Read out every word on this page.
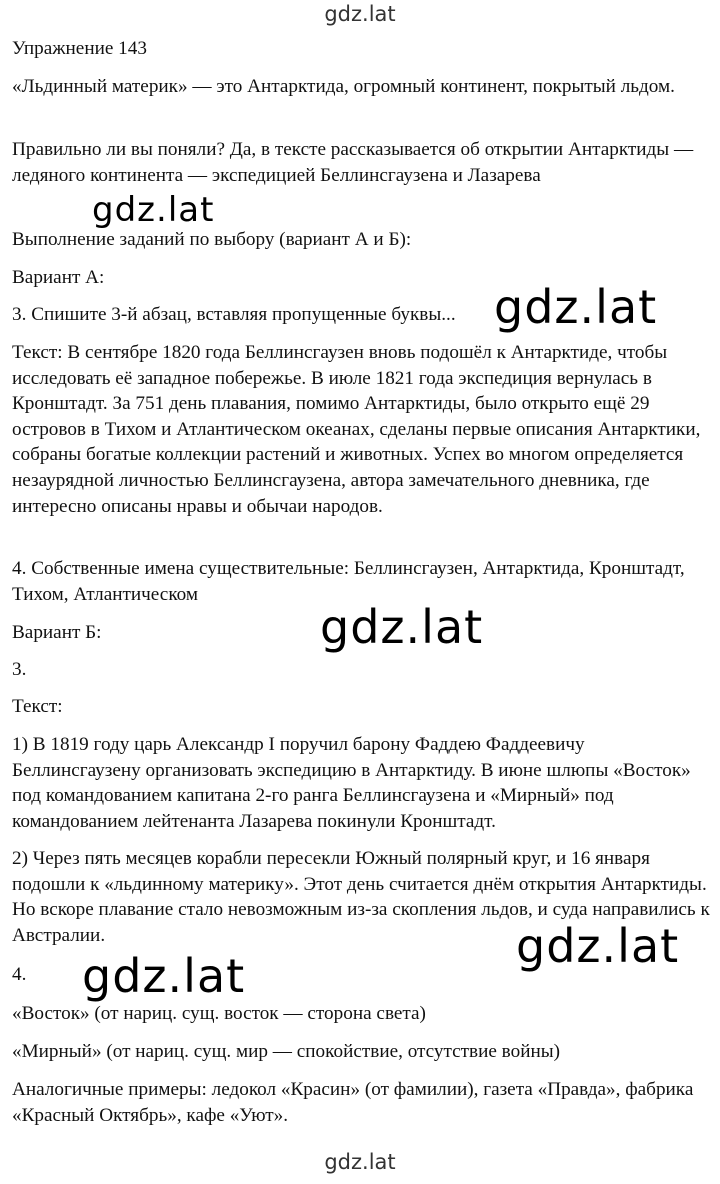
gdz.lat
Упражнение 143
«Льдинный материк» — это Антарктида, огромный континент, покрытый льдом.
Правильно ли вы поняли? Да, в тексте рассказывается об открытии Антарктиды — ледяного континента — экспедицией Беллинсгаузена и Лазарева
Выполнение заданий по выбору (вариант А и Б):
Вариант А:
3. Спишите 3-й абзац, вставляя пропущенные буквы...
Текст: В сентябре 1820 года Беллинсгаузен вновь подошёл к Антарктиде, чтобы исследовать её западное побережье. В июле 1821 года экспедиция вернулась в Кронштадт. За 751 день плавания, помимо Антарктиды, было открыто ещё 29 островов в Тихом и Атлантическом океанах, сделаны первые описания Антарктики, собраны богатые коллекции растений и животных. Успех во многом определяется незаурядной личностью Беллинсгаузена, автора замечательного дневника, где интересно описаны нравы и обычаи народов.
4. Собственные имена существительные: Беллинсгаузен, Антарктида, Кронштадт, Тихом, Атлантическом
Вариант Б:
3.
Текст:
1) В 1819 году царь Александр I поручил барону Фаддею Фаддеевичу Беллинсгаузену организовать экспедицию в Антарктиду. В июне шлюпы «Восток» под командованием капитана 2-го ранга Беллинсгаузена и «Мирный» под командованием лейтенанта Лазарева покинули Кронштадт.
2) Через пять месяцев корабли пересекли Южный полярный круг, и 16 января подошли к «льдинному материку». Этот день считается днём открытия Антарктиды. Но вскоре плавание стало невозможным из-за скопления льдов, и суда направились к Австралии.
4.
«Восток» (от нариц. сущ. восток — сторона света)
«Мирный» (от нариц. сущ. мир — спокойствие, отсутствие войны)
Аналогичные примеры: ледокол «Красин» (от фамилии), газета «Правда», фабрика «Красный Октябрь», кафе «Уют».
gdz.lat
gdz.lat
gdz.lat
gdz.lat
gdz.lat
gdz.lat
